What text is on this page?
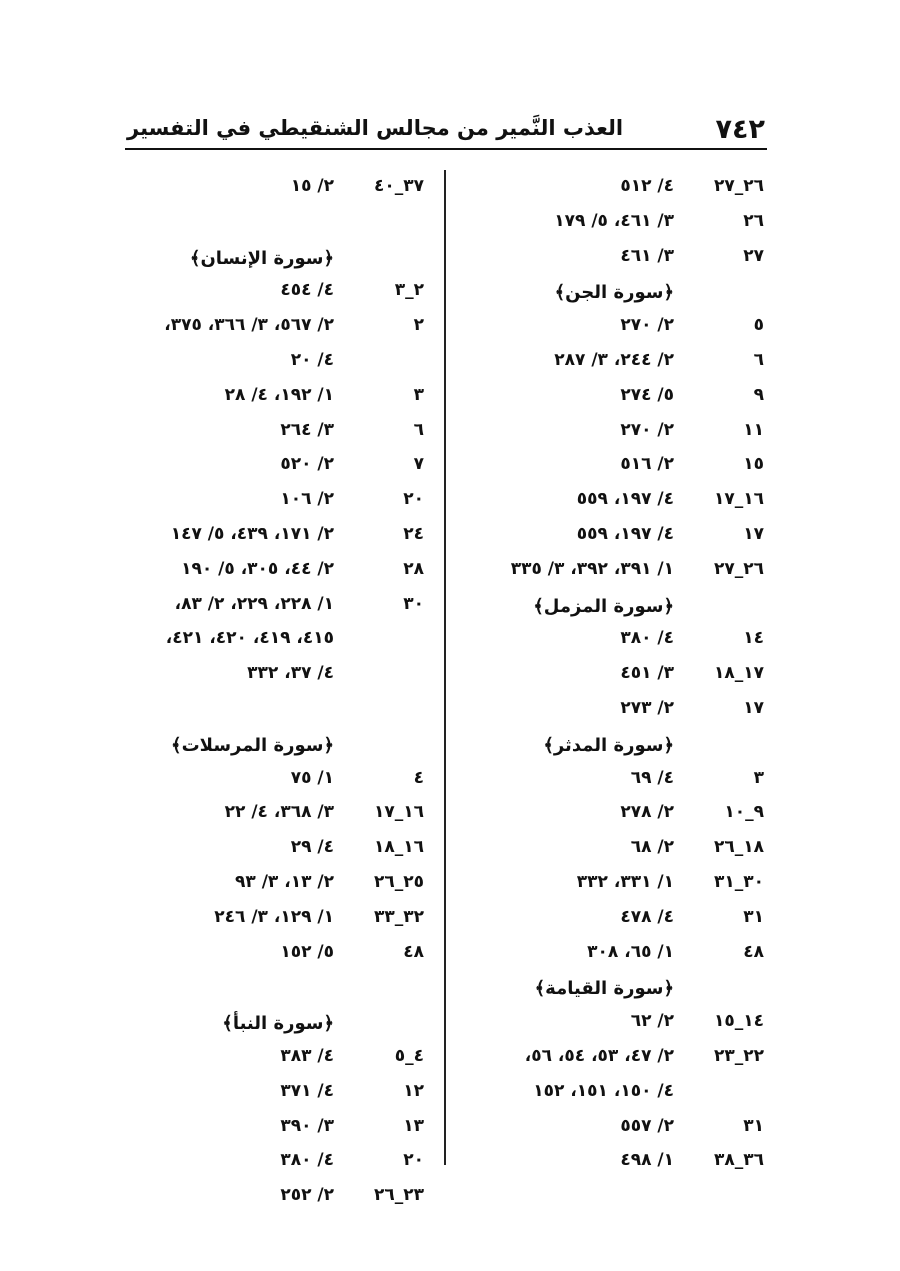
٧٤٢
العذب النَّمير من مجالس الشنقيطي في التفسير
٢٦_٢٧
٤/ ٥١٢
٢٦
٣/ ٤٦١، ٥/ ١٧٩
٢٧
٣/ ٤٦١
﴿سورة الجن﴾
٥
٢/ ٢٧٠
٦
٢/ ٢٤٤، ٣/ ٢٨٧
٩
٥/ ٢٧٤
١١
٢/ ٢٧٠
١٥
٢/ ٥١٦
١٦_١٧
٤/ ١٩٧، ٥٥٩
١٧
٤/ ١٩٧، ٥٥٩
٢٦_٢٧
١/ ٣٩١، ٣٩٢، ٣/ ٣٣٥
﴿سورة المزمل﴾
١٤
٤/ ٣٨٠
١٧_١٨
٣/ ٤٥١
١٧
٢/ ٢٧٣
﴿سورة المدثر﴾
٣
٤/ ٦٩
٩_١٠
٢/ ٢٧٨
١٨_٢٦
٢/ ٦٨
٣٠_٣١
١/ ٣٣١، ٣٣٢
٣١
٤/ ٤٧٨
٤٨
١/ ٦٥، ٣٠٨
﴿سورة القيامة﴾
١٤_١٥
٢/ ٦٢
٢٢_٢٣
٢/ ٤٧، ٥٣، ٥٤، ٥٦،
٤/ ١٥٠، ١٥١، ١٥٢
٣١
٢/ ٥٥٧
٣٦_٣٨
١/ ٤٩٨
٣٧_٤٠
٢/ ١٥
﴿سورة الإنسان﴾
٢_٣
٤/ ٤٥٤
٢
٢/ ٥٦٧، ٣/ ٣٦٦، ٣٧٥،
٤/ ٢٠
٣
١/ ١٩٢، ٤/ ٢٨
٦
٣/ ٢٦٤
٧
٢/ ٥٢٠
٢٠
٢/ ١٠٦
٢٤
٢/ ١٧١، ٤٣٩، ٥/ ١٤٧
٢٨
٢/ ٤٤، ٣٠٥، ٥/ ١٩٠
٣٠
١/ ٢٢٨، ٢٢٩، ٢/ ٨٣،
٤١٥، ٤١٩، ٤٢٠، ٤٢١،
٤/ ٣٧، ٣٣٢
﴿سورة المرسلات﴾
٤
١/ ٧٥
١٦_١٧
٣/ ٣٦٨، ٤/ ٢٢
١٦_١٨
٤/ ٢٩
٢٥_٢٦
٢/ ١٣، ٣/ ٩٣
٣٢_٣٣
١/ ١٢٩، ٣/ ٢٤٦
٤٨
٥/ ١٥٢
﴿سورة النبأ﴾
٤_٥
٤/ ٣٨٣
١٢
٤/ ٣٧١
١٣
٣/ ٣٩٠
٢٠
٤/ ٣٨٠
٢٣_٢٦
٢/ ٢٥٢
